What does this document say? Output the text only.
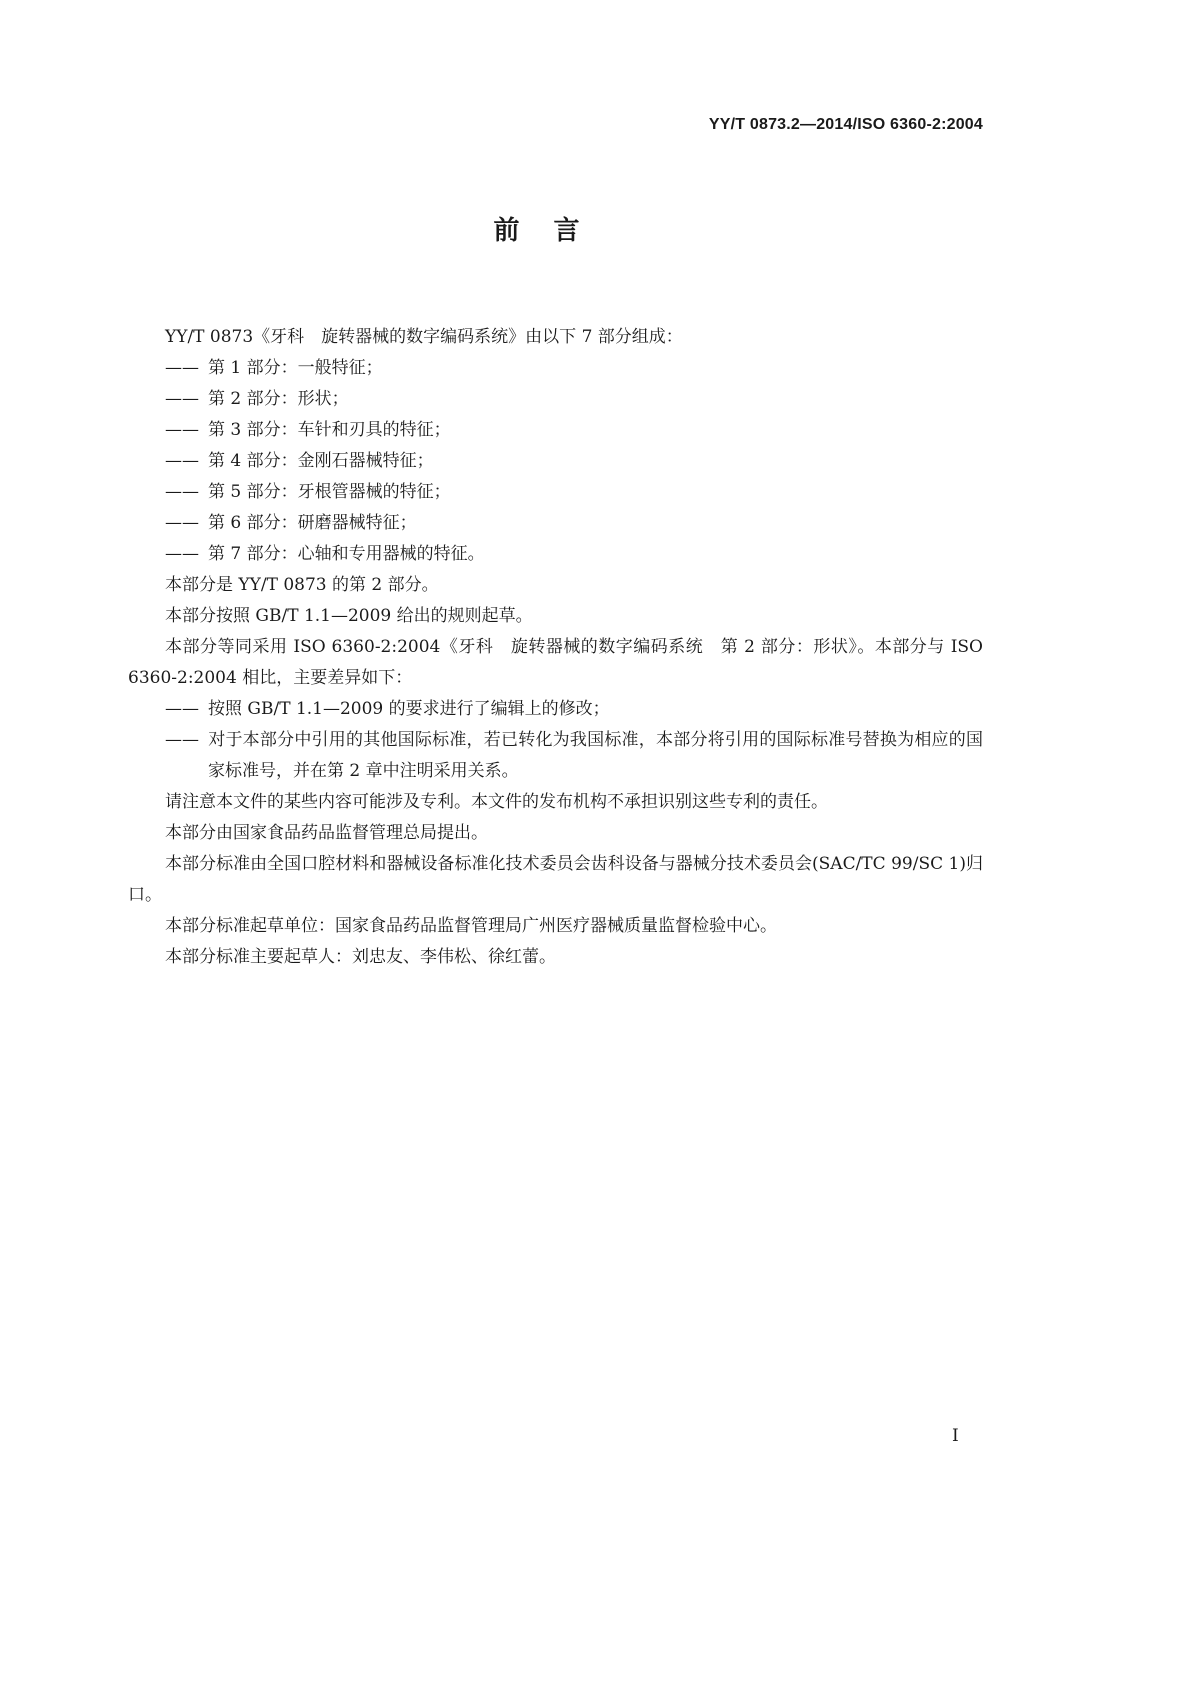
YY/T 0873.2—2014/ISO 6360-2:2004
前言
YY/T 0873《牙科　旋转器械的数字编码系统》由以下 7 部分组成：
—— 第 1 部分：一般特征；
—— 第 2 部分：形状；
—— 第 3 部分：车针和刃具的特征；
—— 第 4 部分：金刚石器械特征；
—— 第 5 部分：牙根管器械的特征；
—— 第 6 部分：研磨器械特征；
—— 第 7 部分：心轴和专用器械的特征。
本部分是 YY/T 0873 的第 2 部分。
本部分按照 GB/T 1.1—2009 给出的规则起草。
本部分等同采用 ISO 6360-2:2004《牙科　旋转器械的数字编码系统　第 2 部分：形状》。本部分与 ISO 6360-2:2004 相比，主要差异如下：
—— 按照 GB/T 1.1—2009 的要求进行了编辑上的修改；
—— 对于本部分中引用的其他国际标准，若已转化为我国标准，本部分将引用的国际标准号替换为相应的国家标准号，并在第 2 章中注明采用关系。
请注意本文件的某些内容可能涉及专利。本文件的发布机构不承担识别这些专利的责任。
本部分由国家食品药品监督管理总局提出。
本部分标准由全国口腔材料和器械设备标准化技术委员会齿科设备与器械分技术委员会(SAC/TC 99/SC 1)归口。
本部分标准起草单位：国家食品药品监督管理局广州医疗器械质量监督检验中心。
本部分标准主要起草人：刘忠友、李伟松、徐红蕾。
I
